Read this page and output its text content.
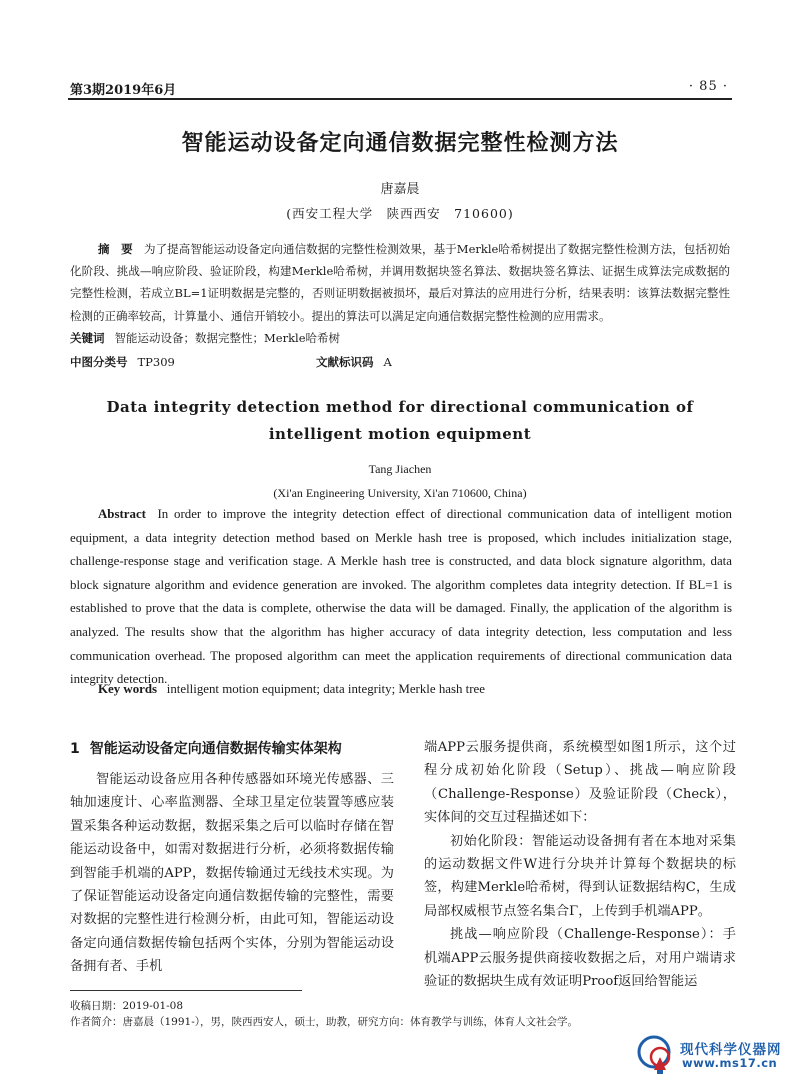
第3期2019年6月	· 85 ·
智能运动设备定向通信数据完整性检测方法
唐嘉晨
(西安工程大学　陕西西安　710600)
摘　要 为了提高智能运动设备定向通信数据的完整性检测效果，基于Merkle哈希树提出了数据完整性检测方法，包括初始化阶段、挑战—响应阶段、验证阶段，构建Merkle哈希树，并调用数据块签名算法、数据块签名算法、证据生成算法完成数据的完整性检测，若成立BL=1证明数据是完整的，否则证明数据被损坏，最后对算法的应用进行分析，结果表明：该算法数据完整性检测的正确率较高，计算量小、通信开销较小。提出的算法可以满足定向通信数据完整性检测的应用需求。
关键词 智能运动设备；数据完整性；Merkle哈希树
中图分类号 TP309	文献标识码 A
Data integrity detection method for directional communication of intelligent motion equipment
Tang Jiachen
(Xi'an Engineering University, Xi'an 710600, China)
Abstract In order to improve the integrity detection effect of directional communication data of intelligent motion equipment, a data integrity detection method based on Merkle hash tree is proposed, which includes initialization stage, challenge-response stage and verification stage. A Merkle hash tree is constructed, and data block signature algorithm, data block signature algorithm and evidence generation are invoked. The algorithm completes data integrity detection. If BL=1 is established to prove that the data is complete, otherwise the data will be damaged. Finally, the application of the algorithm is analyzed. The results show that the algorithm has higher accuracy of data integrity detection, less computation and less communication overhead. The proposed algorithm can meet the application requirements of directional communication data integrity detection.
Key words intelligent motion equipment; data integrity; Merkle hash tree
1 智能运动设备定向通信数据传输实体架构

智能运动设备应用各种传感器如环境光传感器、三轴加速度计、心率监测器、全球卫星定位装置等感应装置采集各种运动数据，数据采集之后可以临时存储在智能运动设备中，如需对数据进行分析，必须将数据传输到智能手机端的APP，数据传输通过无线技术实现。为了保证智能运动设备定向通信数据传输的完整性，需要对数据的完整性进行检测分析，由此可知，智能运动设备定向通信数据传输包括两个实体，分别为智能运动设备拥有者、手机

端APP云服务提供商，系统模型如图1所示，这个过程分成初始化阶段（Setup）、挑战—响应阶段（Challenge-Response）及验证阶段（Check），实体间的交互过程描述如下：

初始化阶段：智能运动设备拥有者在本地对采集的运动数据文件W进行分块并计算每个数据块的标签，构建Merkle哈希树，得到认证数据结构C，生成局部权威根节点签名集合Γ，上传到手机端APP。

挑战—响应阶段（Challenge-Response）：手机端APP云服务提供商接收数据之后，对用户端请求验证的数据块生成有效证明Proof返回给智能运

收稿日期：2019-01-08
作者简介：唐嘉晨（1991-），男，陕西西安人，硕士，助教，研究方向：体育教学与训练，体育人文社会学。
现代科学仪器网
www.ms17.cn
